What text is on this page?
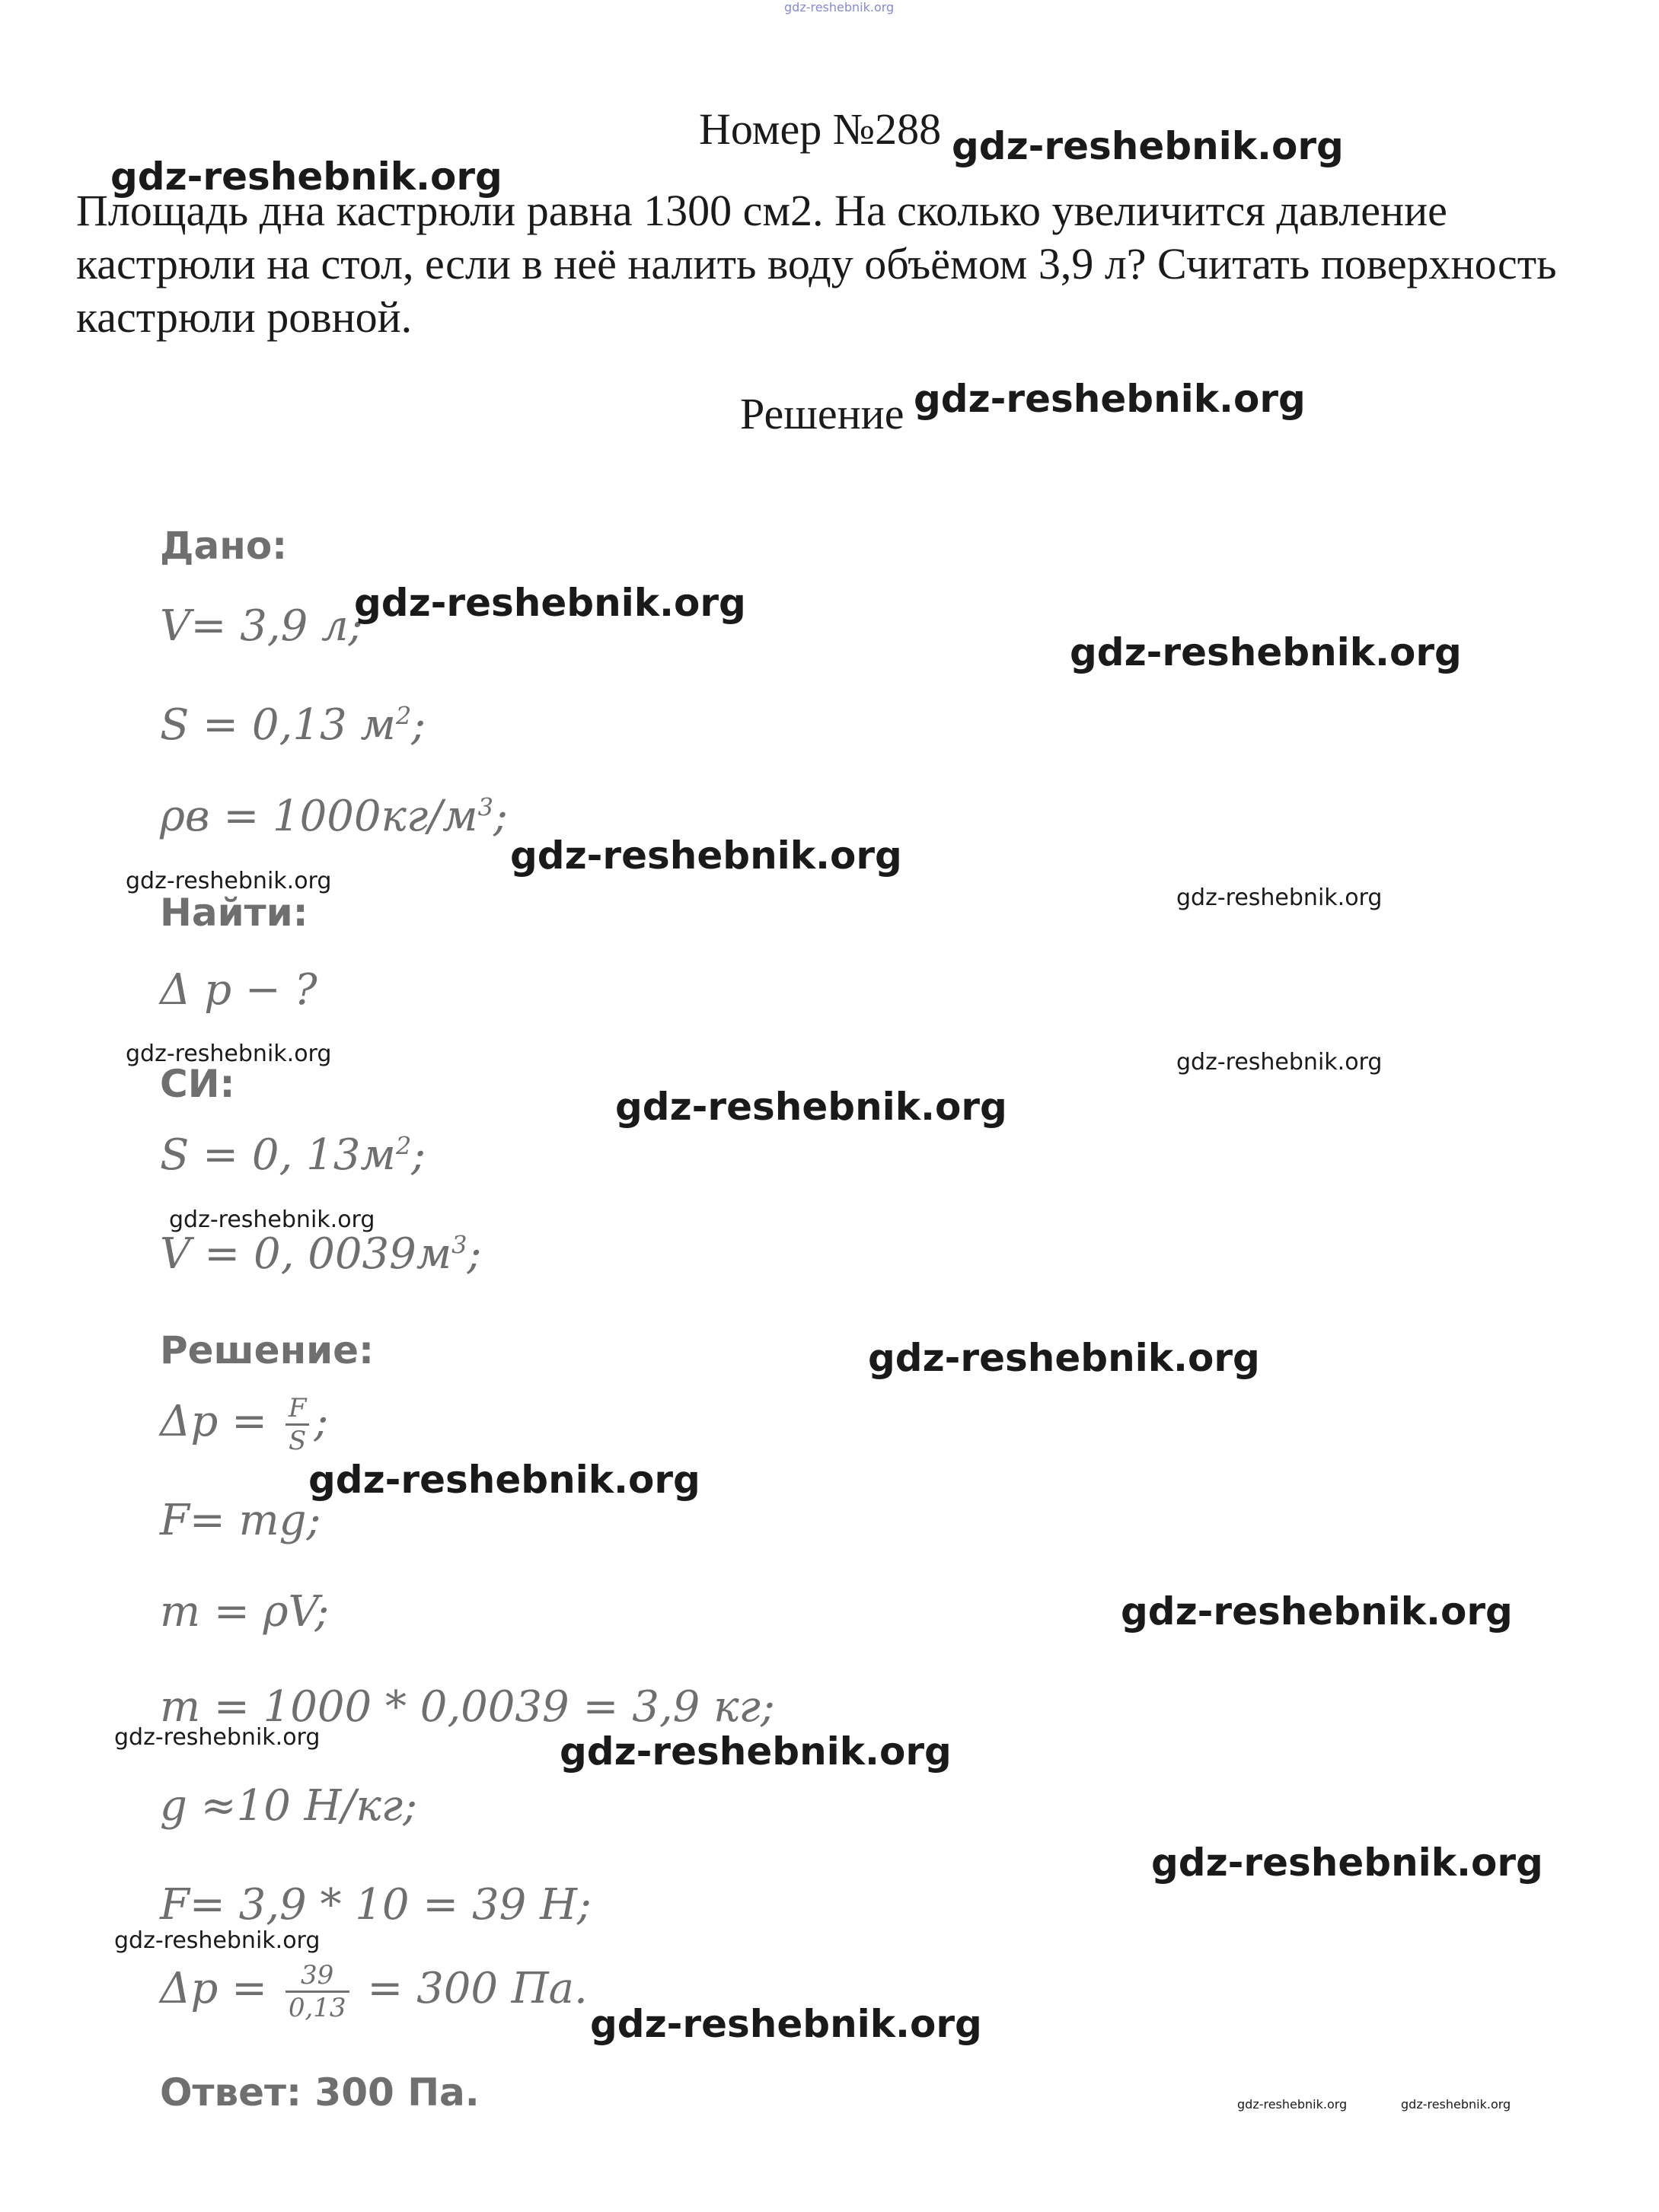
gdz-reshebnik.org
Номер №288
Площадь дна кастрюли равна 1300 см2. На сколько увеличится давление кастрюли на стол, если в неё налить воду объёмом 3,9 л? Считать поверхность кастрюли ровной.
Решение
Дано:
V= 3,9 л;
S = 0,13 $м^2$;
$\rho в = 1000кг/м^3$;
Найти:
Δ p − ?
СИ:
S = 0, $13м^2$;
V = 0, $0039м^3$;
Решение:
$\Delta p = \frac{F}{S}$ ;
F= mg;
m = ρV;
m = 1000 * 0,0039 = 3,9 кг;
g ≈10 Н/кг;
F= 3,9 * 10 = 39 Н;
$\Delta p = \frac{39}{0,13} = 300$ Па.
Ответ: 300 Па.
gdz-reshebnik.org
gdz-reshebnik.org
gdz-reshebnik.org
gdz-reshebnik.org
gdz-reshebnik.org
gdz-reshebnik.org
gdz-reshebnik.org
gdz-reshebnik.org
gdz-reshebnik.org	gdz-reshebnik.org
gdz-reshebnik.org
gdz-reshebnik.org
gdz-reshebnik.org
gdz-reshebnik.org
gdz-reshebnik.org
gdz-reshebnik.org	gdz-reshebnik.org
gdz-reshebnik.org
gdz-reshebnik.org
gdz-reshebnik.org
gdz-reshebnik.org	gdz-reshebnik.org
